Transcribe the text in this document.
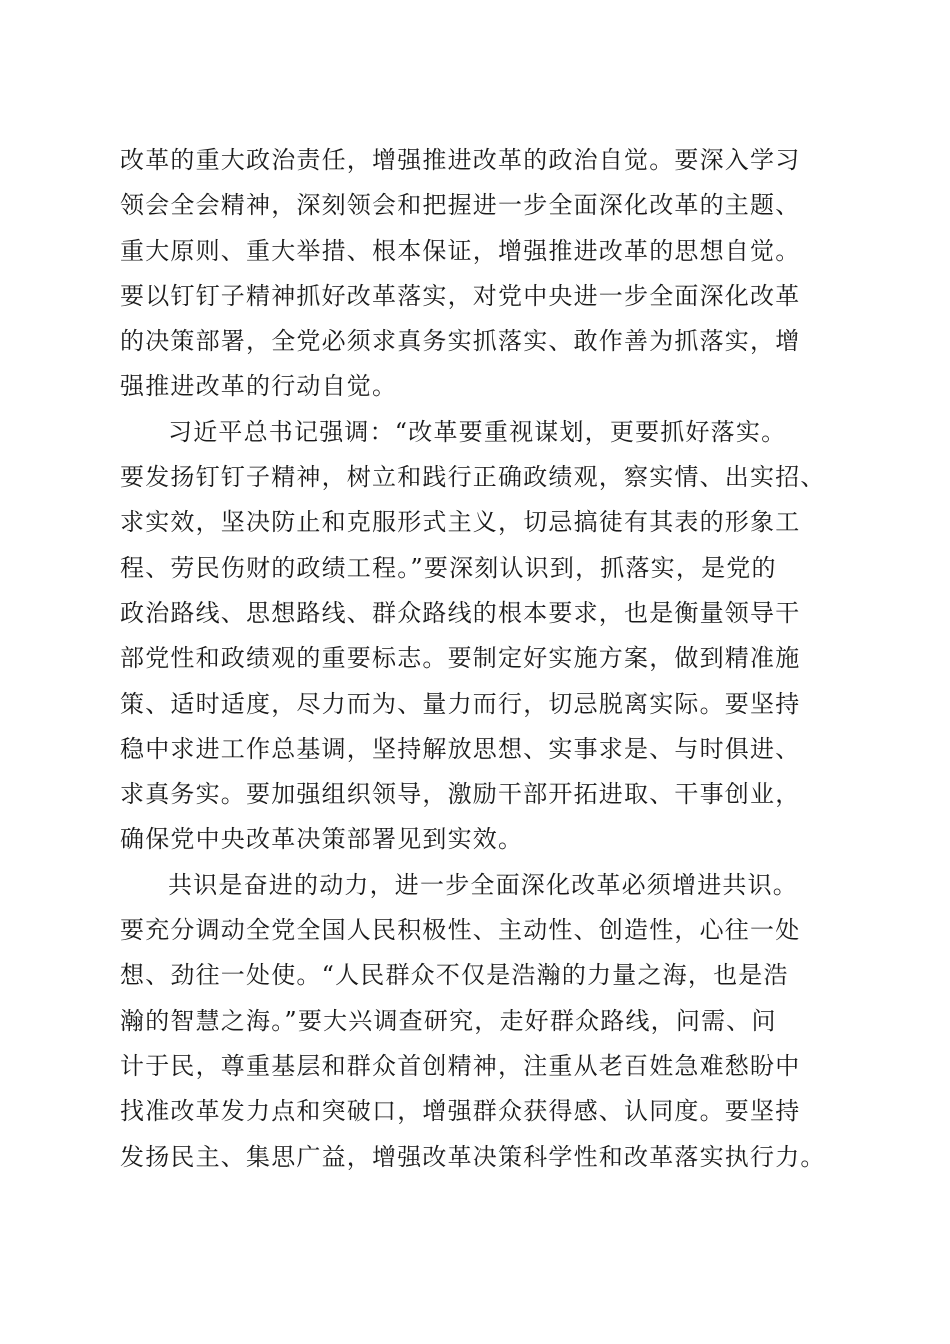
改革的重大政治责任，增强推进改革的政治自觉。要深入学习
领会全会精神，深刻领会和把握进一步全面深化改革的主题、
重大原则、重大举措、根本保证，增强推进改革的思想自觉。
要以钉钉子精神抓好改革落实，对党中央进一步全面深化改革
的决策部署，全党必须求真务实抓落实、敢作善为抓落实，增
强推进改革的行动自觉。
习近平总书记强调：“改革要重视谋划，更要抓好落实。
要发扬钉钉子精神，树立和践行正确政绩观，察实情、出实招、
求实效，坚决防止和克服形式主义，切忌搞徒有其表的形象工
程、劳民伤财的政绩工程。”要深刻认识到，抓落实，是党的
政治路线、思想路线、群众路线的根本要求，也是衡量领导干
部党性和政绩观的重要标志。要制定好实施方案，做到精准施
策、适时适度，尽力而为、量力而行，切忌脱离实际。要坚持
稳中求进工作总基调，坚持解放思想、实事求是、与时俱进、
求真务实。要加强组织领导，激励干部开拓进取、干事创业，
确保党中央改革决策部署见到实效。
共识是奋进的动力，进一步全面深化改革必须增进共识。
要充分调动全党全国人民积极性、主动性、创造性，心往一处
想、劲往一处使。“人民群众不仅是浩瀚的力量之海，也是浩
瀚的智慧之海。”要大兴调查研究，走好群众路线，问需、问
计于民，尊重基层和群众首创精神，注重从老百姓急难愁盼中
找准改革发力点和突破口，增强群众获得感、认同度。要坚持
发扬民主、集思广益，增强改革决策科学性和改革落实执行力。
